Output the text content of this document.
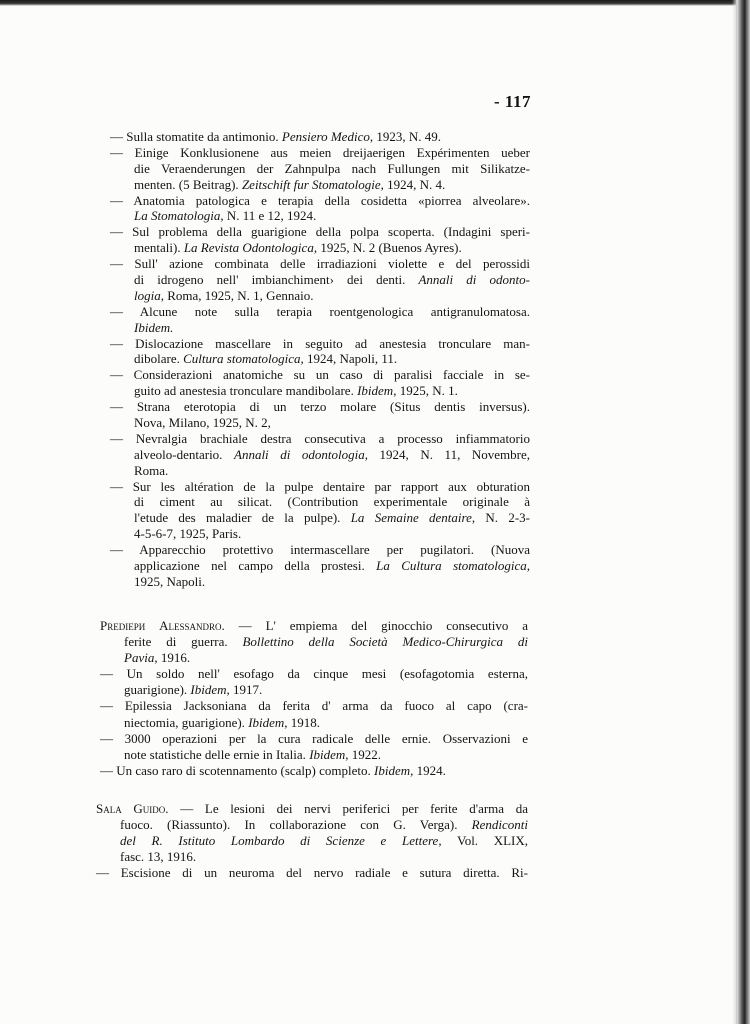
- 117
— Sulla stomatite da antimonio. Pensiero Medico, 1923, N. 49.
— Einige Konklusionene aus meien dreijaerigen Expérimenten ueber
die Veraenderungen der Zahnpulpa nach Fullungen mit Silikatze-
menten. (5 Beitrag). Zeitschift fur Stomatologie, 1924, N. 4.
— Anatomia patologica e terapia della cosidetta «piorrea alveolare».
La Stomatologia, N. 11 e 12, 1924.
— Sul problema della guarigione della polpa scoperta. (Indagini speri-
mentali). La Revista Odontologica, 1925, N. 2 (Buenos Ayres).
— Sull' azione combinata delle irradiazioni violette e del perossidi
di idrogeno nell' imbianchiment› dei denti. Annali di odonto-
logia, Roma, 1925, N. 1, Gennaio.
— Alcune note sulla terapia roentgenologica antigranulomatosa.
Ibidem.
— Dislocazione mascellare in seguito ad anestesia tronculare man-
dibolare. Cultura stomatologica, 1924, Napoli, 11.
— Considerazioni anatomiche su un caso di paralisi facciale in se-
guito ad anestesia tronculare mandibolare. Ibidem, 1925, N. 1.
— Strana eterotopia di un terzo molare (Situs dentis inversus).
Nova, Milano, 1925, N. 2,
— Nevralgia brachiale destra consecutiva a processo infiammatorio
alveolo-dentario. Annali di odontologia, 1924, N. 11, Novembre,
Roma.
— Sur les altération de la pulpe dentaire par rapport aux obturation
di ciment au silicat. (Contribution experimentale originale à
l'etude des maladier de la pulpe). La Semaine dentaire, N. 2-3-
4-5-6-7, 1925, Paris.
— Apparecchio protettivo intermascellare per pugilatori. (Nuova
applicazione nel campo della prostesi. La Cultura stomatologica,
1925, Napoli.
Prediери Alessandro. — L' empiema del ginocchio consecutivo a
ferite di guerra. Bollettino della Società Medico-Chirurgica di
Pavia, 1916.
— Un soldo nell' esofago da cinque mesi (esofagotomia esterna,
guarigione). Ibidem, 1917.
— Epilessia Jacksoniana da ferita d' arma da fuoco al capo (cra-
niectomia, guarigione). Ibidem, 1918.
— 3000 operazioni per la cura radicale delle ernie. Osservazioni e
note statistiche delle ernie in Italia. Ibidem, 1922.
— Un caso raro di scotennamento (scalp) completo. Ibidem, 1924.
Sala Guido. — Le lesioni dei nervi periferici per ferite d'arma da
fuoco. (Riassunto). In collaborazione con G. Verga). Rendiconti
del R. Istituto Lombardo di Scienze e Lettere, Vol. XLIX,
fasc. 13, 1916.
— Escisione di un neuroma del nervo radiale e sutura diretta. Ri-
